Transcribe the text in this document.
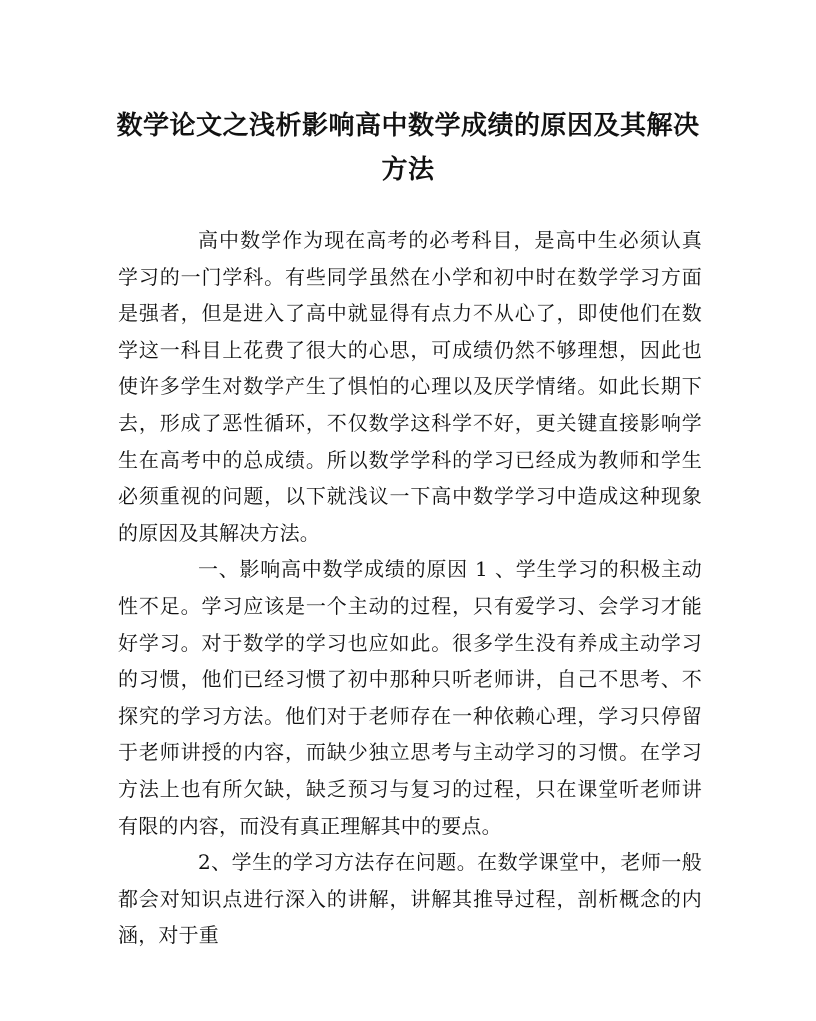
数学论文之浅析影响高中数学成绩的原因及其解决方法

高中数学作为现在高考的必考科目，是高中生必须认真学习的一门学科。有些同学虽然在小学和初中时在数学学习方面是强者，但是进入了高中就显得有点力不从心了，即使他们在数学这一科目上花费了很大的心思，可成绩仍然不够理想，因此也使许多学生对数学产生了惧怕的心理以及厌学情绪。如此长期下去，形成了恶性循环，不仅数学这科学不好，更关键直接影响学生在高考中的总成绩。所以数学学科的学习已经成为教师和学生必须重视的问题，以下就浅议一下高中数学学习中造成这种现象的原因及其解决方法。

一、影响高中数学成绩的原因 1 、学生学习的积极主动性不足。学习应该是一个主动的过程，只有爱学习、会学习才能好学习。对于数学的学习也应如此。很多学生没有养成主动学习的习惯，他们已经习惯了初中那种只听老师讲，自己不思考、不探究的学习方法。他们对于老师存在一种依赖心理，学习只停留于老师讲授的内容，而缺少独立思考与主动学习的习惯。在学习方法上也有所欠缺，缺乏预习与复习的过程，只在课堂听老师讲有限的内容，而没有真正理解其中的要点。

2、学生的学习方法存在问题。在数学课堂中，老师一般都会对知识点进行深入的讲解，讲解其推导过程，剖析概念的内涵，对于重
